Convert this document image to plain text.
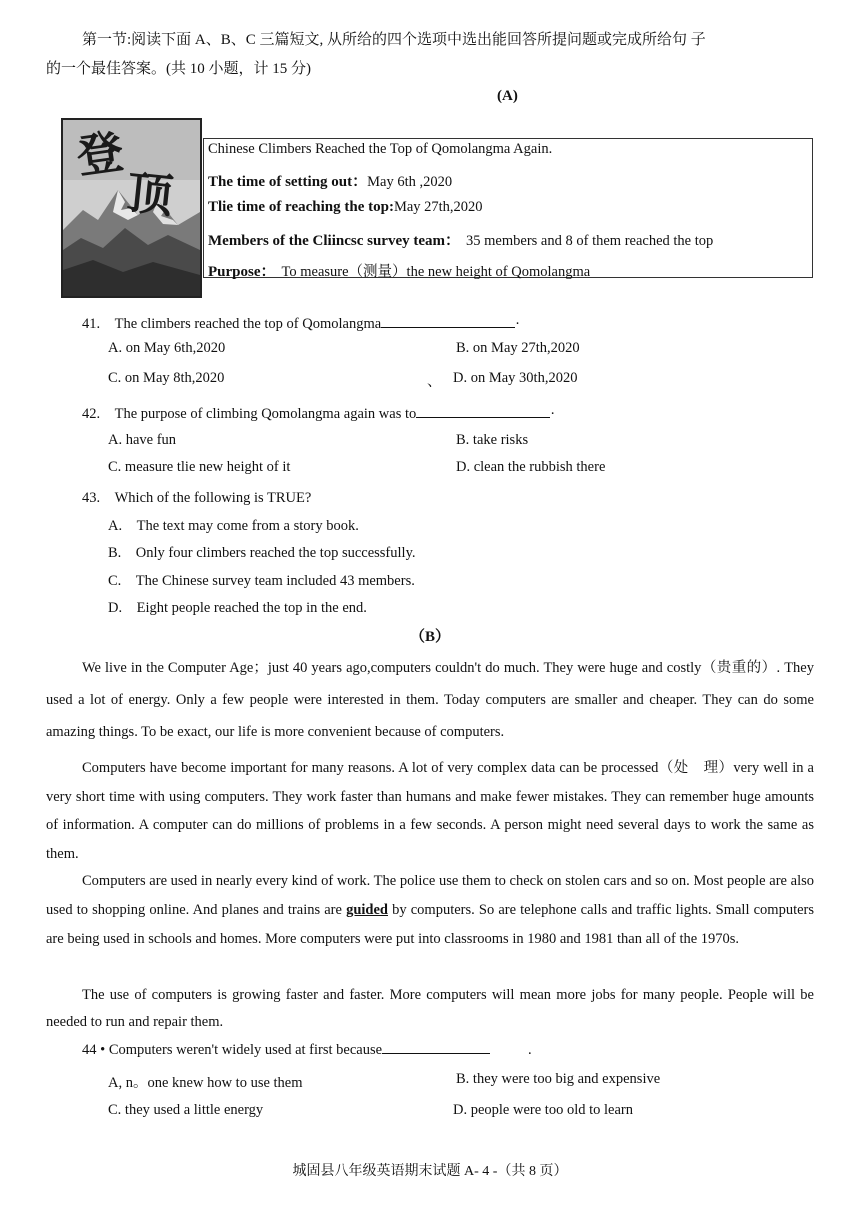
第一节:阅读下面 A、B、C 三篇短文, 从所给的四个选项中选出能回答所提问题或完成所给句 子
的一个最佳答案。(共 10 小题，计 15 分)
(A)
登
顶
Chinese Climbers Reached the Top of Qomolangma Again.
The time of setting out：May 6th ,2020
Tlie time of reaching the top:May 27th,2020
Members of the Cliincsc survey team： 35 members and 8 of them reached the top
Purpose： To measure（测量）the new height of Qomolangma
41.　The climbers reached the top of Qomolangma	·
A. on May 6th,2020	B. on May 27th,2020
C. on May 8th,2020	、 D. on May 30th,2020
42.　The purpose of climbing Qomolangma again was to	·
A. have fun	B. take risks
C. measure tlie new height of it	D. clean the rubbish there
43.　Which of the following is TRUE?
A.　The text may come from a story book.
B.　Only four climbers reached the top successfully.
C.　The Chinese survey team included 43 members.
D.　Eight people reached the top in the end.
（B）
We live in the Computer Age；just 40 years ago,computers couldn't do much. They were huge and costly（贵重的）. They used a lot of energy. Only a few people were interested in them. Today computers are smaller and cheaper. They can do some amazing things. To be exact, our life is more convenient because of computers.
Computers have become important for many reasons. A lot of very complex data can be processed（处　理）very well in a very short time with using computers. They work faster than humans and make fewer mistakes. They can remember huge amounts of information. A computer can do millions of problems in a few seconds. A person might need several days to work the same as them.
Computers are used in nearly every kind of work. The police use them to check on stolen cars and so on. Most people are also used to shopping online. And planes and trains are guided by computers. So are telephone calls and traffic lights. Small computers are being used in schools and homes. More computers were put into classrooms in 1980 and 1981 than all of the 1970s.
The use of computers is growing faster and faster. More computers will mean more jobs for many people. People will be needed to run and repair them.
44 • Computers weren't widely used at first because	.
A, n。one knew how to use them	B. they were too big and expensive
C. they used a little energy	D. people were too old to learn
城固县八年级英语期末试题 A- 4 -（共 8 页）
